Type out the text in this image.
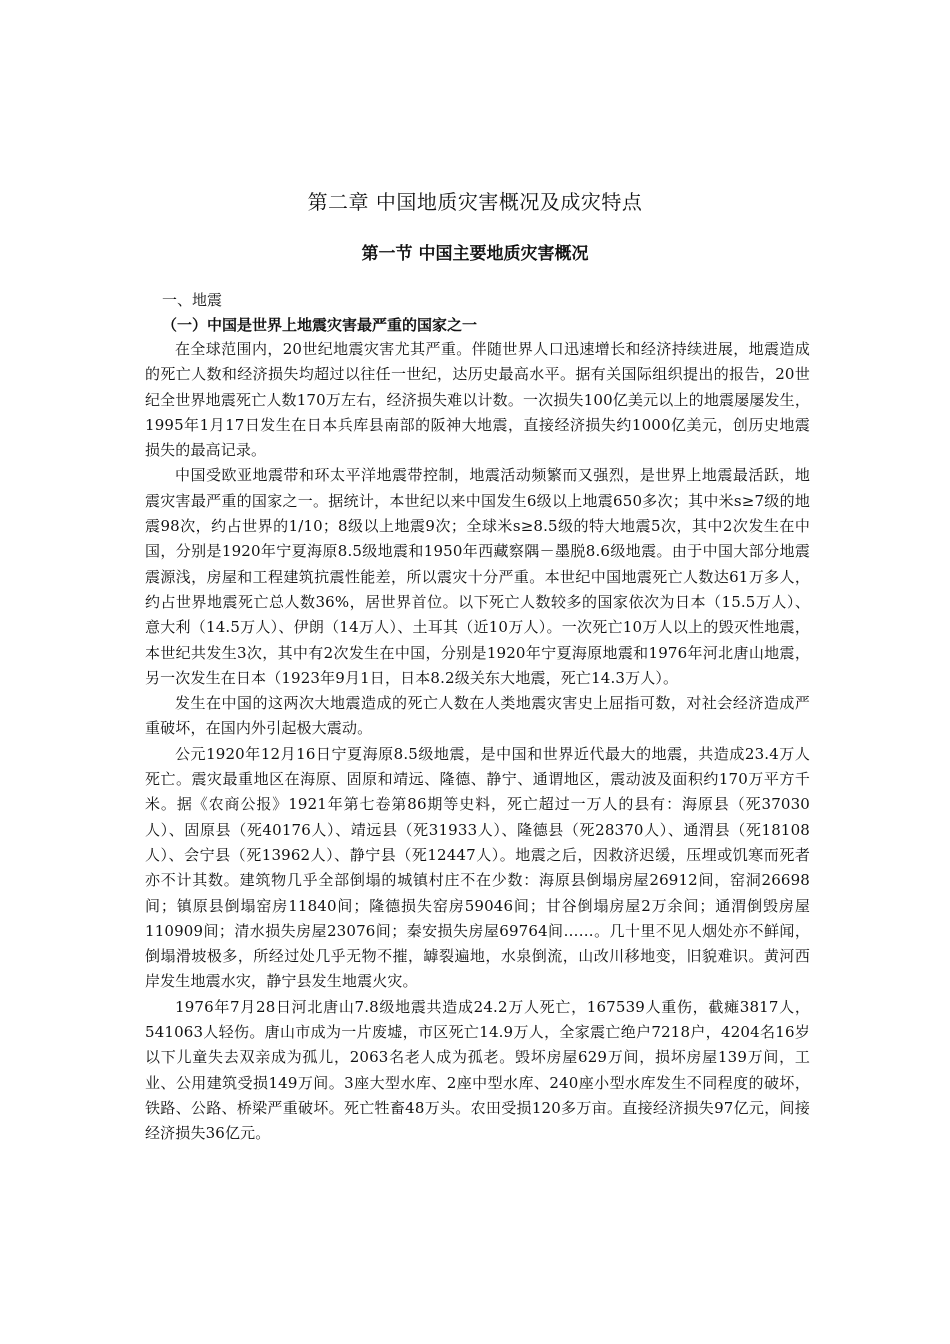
第二章 中国地质灾害概况及成灾特点
第一节 中国主要地质灾害概况
一、地震
（一）中国是世界上地震灾害最严重的国家之一

在全球范围内，20世纪地震灾害尤其严重。伴随世界人口迅速增长和经济持续进展，地震造成的死亡人数和经济损失均超过以往任一世纪，达历史最高水平。据有关国际组织提出的报告，20世纪全世界地震死亡人数170万左右，经济损失难以计数。一次损失100亿美元以上的地震屡屡发生，1995年1月17日发生在日本兵库县南部的阪神大地震，直接经济损失约1000亿美元，创历史地震损失的最高记录。

中国受欧亚地震带和环太平洋地震带控制，地震活动频繁而又强烈，是世界上地震最活跃，地震灾害最严重的国家之一。据统计，本世纪以来中国发生6级以上地震650多次；其中米s≥7级的地震98次，约占世界的1/10；8级以上地震9次；全球米s≥8.5级的特大地震5次，其中2次发生在中国，分别是1920年宁夏海原8.5级地震和1950年西藏察隅－墨脱8.6级地震。由于中国大部分地震震源浅，房屋和工程建筑抗震性能差，所以震灾十分严重。本世纪中国地震死亡人数达61万多人，约占世界地震死亡总人数36%，居世界首位。以下死亡人数较多的国家依次为日本（15.5万人）、意大利（14.5万人）、伊朗（14万人）、土耳其（近10万人）。一次死亡10万人以上的毁灭性地震，本世纪共发生3次，其中有2次发生在中国，分别是1920年宁夏海原地震和1976年河北唐山地震，另一次发生在日本（1923年9月1日，日本8.2级关东大地震，死亡14.3万人）。

发生在中国的这两次大地震造成的死亡人数在人类地震灾害史上屈指可数，对社会经济造成严重破坏，在国内外引起极大震动。

公元1920年12月16日宁夏海原8.5级地震，是中国和世界近代最大的地震，共造成23.4万人死亡。震灾最重地区在海原、固原和靖远、隆德、静宁、通谓地区，震动波及面积约170万平方千米。据《农商公报》1921年第七卷第86期等史料，死亡超过一万人的县有：海原县（死37030人）、固原县（死40176人）、靖远县（死31933人）、隆德县（死28370人）、通渭县（死18108人）、会宁县（死13962人）、静宁县（死12447人）。地震之后，因救济迟缓，压埋或饥寒而死者亦不计其数。建筑物几乎全部倒塌的城镇村庄不在少数：海原县倒塌房屋26912间，窑洞26698间；镇原县倒塌窑房11840间；隆德损失窑房59046间；甘谷倒塌房屋2万余间；通渭倒毁房屋110909间；清水损失房屋23076间；秦安损失房屋69764间……。几十里不见人烟处亦不鲜闻，倒塌滑坡极多，所经过处几乎无物不摧，罅裂遍地，水泉倒流，山改川移地变，旧貌难识。黄河西岸发生地震水灾，静宁县发生地震火灾。

1976年7月28日河北唐山7.8级地震共造成24.2万人死亡，167539人重伤，截瘫3817人，541063人轻伤。唐山市成为一片废墟，市区死亡14.9万人，全家震亡绝户7218户，4204名16岁以下儿童失去双亲成为孤儿，2063名老人成为孤老。毁坏房屋629万间，损坏房屋139万间，工业、公用建筑受损149万间。3座大型水库、2座中型水库、240座小型水库发生不同程度的破坏，铁路、公路、桥梁严重破坏。死亡牲畜48万头。农田受损120多万亩。直接经济损失97亿元，间接经济损失36亿元。
